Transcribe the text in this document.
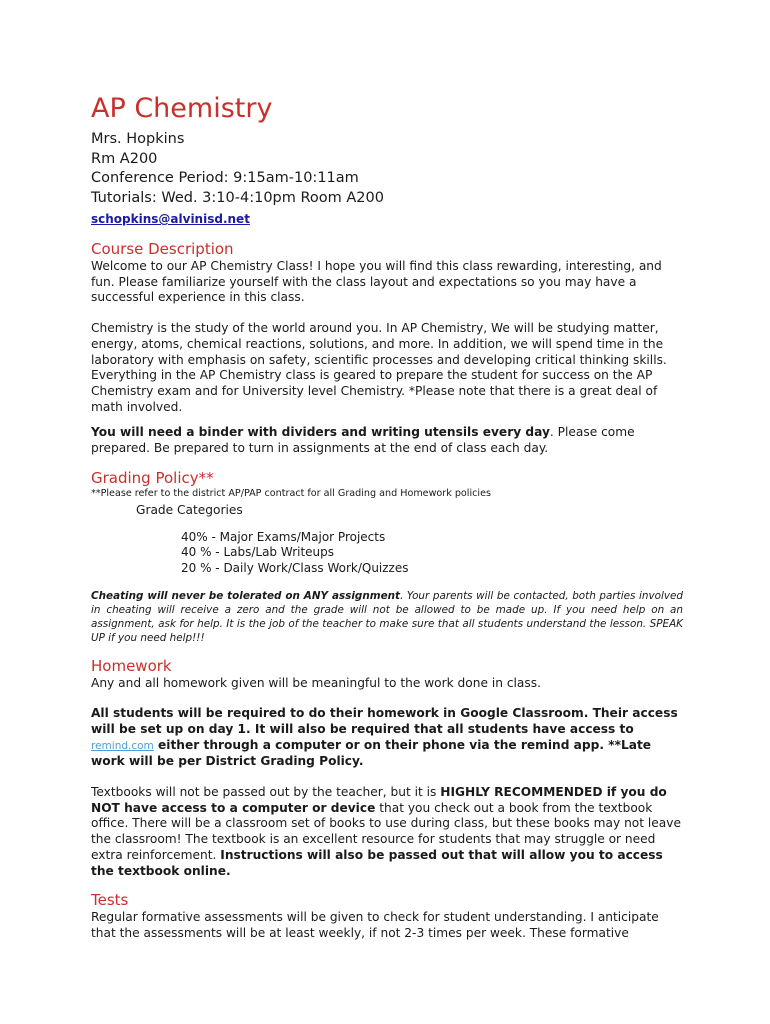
AP Chemistry
Mrs. Hopkins
Rm A200
Conference Period: 9:15am-10:11am
Tutorials: Wed. 3:10-4:10pm Room A200
schopkins@alvinisd.net
Course Description

Welcome to our AP Chemistry Class! I hope you will find this class rewarding, interesting, and fun. Please familiarize yourself with the class layout and expectations so you may have a successful experience in this class.

Chemistry is the study of the world around you. In AP Chemistry, We will be studying matter, energy, atoms, chemical reactions, solutions, and more. In addition, we will spend time in the laboratory with emphasis on safety, scientific processes and developing critical thinking skills. Everything in the AP Chemistry class is geared to prepare the student for success on the AP Chemistry exam and for University level Chemistry. *Please note that there is a great deal of math involved.

You will need a binder with dividers and writing utensils every day. Please come prepared. Be prepared to turn in assignments at the end of class each day.

Grading Policy**
**Please refer to the district AP/PAP contract for all Grading and Homework policies
Grade Categories
40% - Major Exams/Major Projects
40 % - Labs/Lab Writeups
20 % - Daily Work/Class Work/Quizzes
Cheating will never be tolerated on ANY assignment. Your parents will be contacted, both parties involved in cheating will receive a zero and the grade will not be allowed to be made up. If you need help on an assignment, ask for help. It is the job of the teacher to make sure that all students understand the lesson. SPEAK UP if you need help!!!
Homework

Any and all homework given will be meaningful to the work done in class.

All students will be required to do their homework in Google Classroom. Their access will be set up on day 1. It will also be required that all students have access to remind.com either through a computer or on their phone via the remind app. **Late work will be per District Grading Policy.

Textbooks will not be passed out by the teacher, but it is HIGHLY RECOMMENDED if you do NOT have access to a computer or device that you check out a book from the textbook office. There will be a classroom set of books to use during class, but these books may not leave the classroom! The textbook is an excellent resource for students that may struggle or need extra reinforcement. Instructions will also be passed out that will allow you to access the textbook online.

Tests

Regular formative assessments will be given to check for student understanding. I anticipate that the assessments will be at least weekly, if not 2-3 times per week. These formative
